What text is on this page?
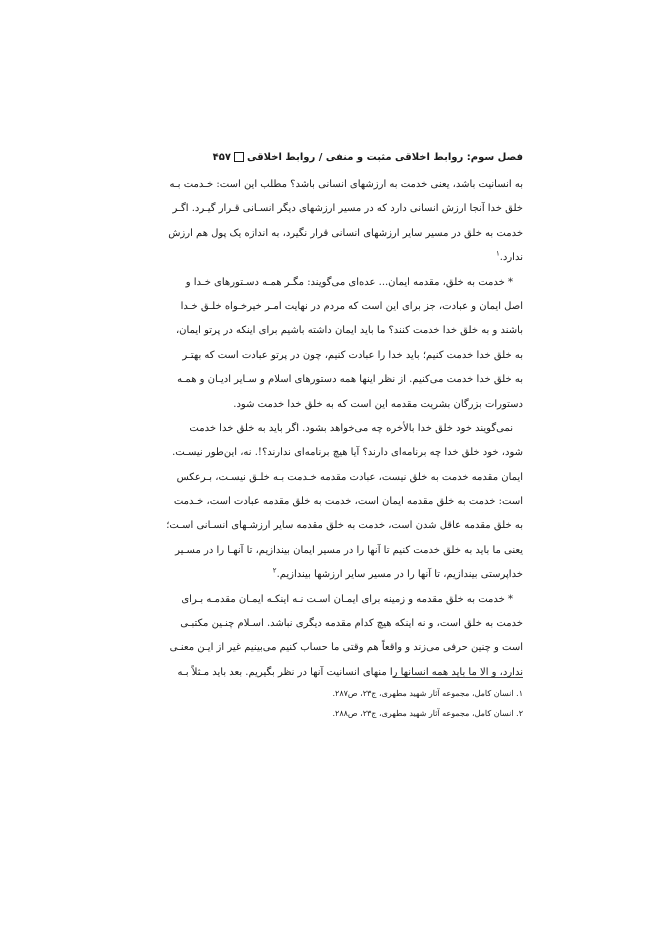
فصل سوم: روابط اخلاقی مثبت و منفی / روابط اخلاقی
۴۵۷
به انسانیت باشد، یعنی خدمت به ارزشهای انسانی باشد؟ مطلب این است: خـدمت بـه
خلق خدا آنجا ارزش انسانی دارد که در مسیر ارزشهای دیگر انسـانی قـرار گیـرد. اگـر
خدمت به خلق در مسیر سایر ارزشهای انسانی قرار نگیرد، به اندازه یک پول هم ارزش
ندارد.$^۱$
* خدمت به خلق، مقدمه ایمان... عده‌ای می‌گویند: مگـر همـه دسـتورهای خـدا و
اصل ایمان و عبادت، جز برای این است که مردم در نهایت امـر خیرخـواه خلـق خـدا
باشند و به خلق خدا خدمت کنند؟ ما باید ایمان داشته باشیم برای اینکه در پرتو ایمان،
به خلق خدا خدمت کنیم؛ باید خدا را عبادت کنیم، چون در پرتو عبادت است که بهتـر
به خلق خدا خدمت می‌کنیم. از نظر اینها همه دستورهای اسلام و سـایر ادیـان و همـه
دستورات بزرگان بشریت مقدمه این است که به خلق خدا خدمت شود.
نمی‌گویند خود خلق خدا بالأخره چه می‌خواهد بشود. اگر باید به خلق خدا خدمت
شود، خود خلق خدا چه برنامه‌ای دارند؟ آیا هیچ برنامه‌ای ندارند؟!. نه، این‌طور نیسـت.
ایمان مقدمه خدمت به خلق نیست، عبادت مقدمه خـدمت بـه خلـق نیسـت، بـرعکس
است: خدمت به خلق مقدمه ایمان است، خدمت به خلق مقدمه عبادت است، خـدمت
به خلق مقدمه عاقل شدن است، خدمت به خلق مقدمه سایر ارزشـهای انسـانی اسـت؛
یعنی ما باید به خلق خدمت کنیم تا آنها را در مسیر ایمان بیندازیم، تا آنهـا را در مسـیر
خداپرستی بیندازیم، تا آنها را در مسیر سایر ارزشها بیندازیم.$^۲$
* خدمت به خلق مقدمه و زمینه برای ایمـان اسـت نـه اینکـه ایمـان مقدمـه بـرای
خدمت به خلق است، و نه اینکه هیچ کدام مقدمه دیگری نباشد. اسـلام چنـین مکتبـی
است و چنین حرفی می‌زند و واقعاً هم وقتی ما حساب کنیم می‌بینیم غیر از ایـن معنـی
ندارد، و الا ما باید همه انسانها را منهای انسانیت آنها در نظر بگیریم. بعد باید مـثلاً بـه
۱. انسان کامل، مجموعه آثار شهید مطهری، ج۲۳، ص۲۸۷.
۲. انسان کامل، مجموعه آثار شهید مطهری، ج۲۳، ص۲۸۸.
